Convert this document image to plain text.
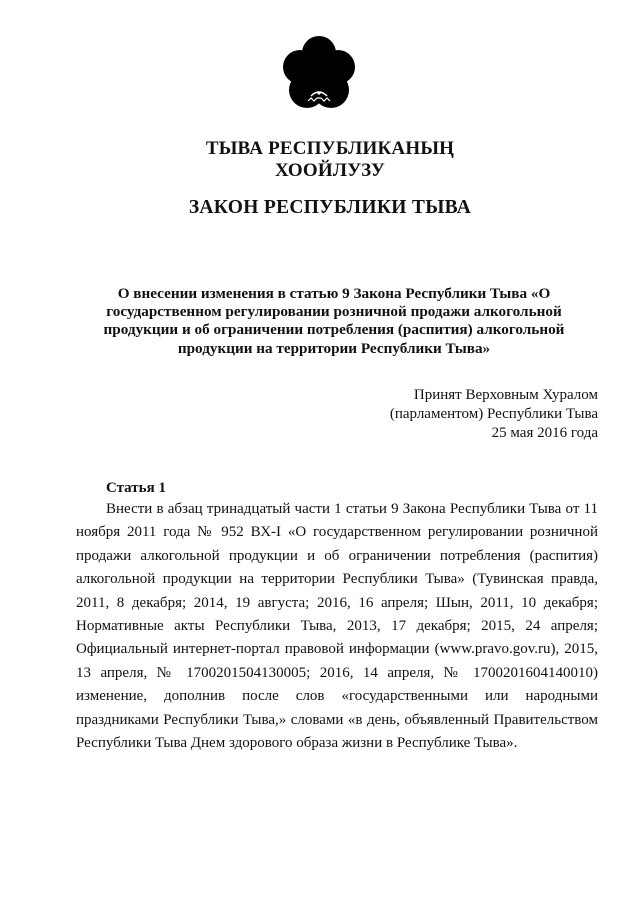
ТЫВА РЕСПУБЛИКАНЫҢ
ХООЙЛУЗУ
ЗАКОН РЕСПУБЛИКИ ТЫВА
О внесении изменения в статью 9 Закона Республики Тыва «О
государственном регулировании розничной продажи алкогольной
продукции и об ограничении потребления (распития) алкогольной
продукции на территории Республики Тыва»
Принят Верховным Хуралом
(парламентом) Республики Тыва
25 мая 2016 года
Статья 1
Внести в абзац тринадцатый части 1 статьи 9 Закона Республики Тыва от 11 ноября 2011 года № 952 ВХ-I «О государственном регулировании розничной продажи алкогольной продукции и об ограничении потребления (распития) алкогольной продукции на территории Республики Тыва» (Тувинская правда, 2011, 8 декабря; 2014, 19 августа; 2016, 16 апреля; Шын, 2011, 10 декабря; Нормативные акты Республики Тыва, 2013, 17 декабря; 2015, 24 апреля; Официальный интернет-портал правовой информации (www.pravo.gov.ru), 2015, 13 апреля, № 1700201504130005; 2016, 14 апреля, № 1700201604140010) изменение, дополнив после слов «государственными или народными праздниками Республики Тыва,» словами «в день, объявленный Правительством Республики Тыва Днем здорового образа жизни в Республике Тыва».
